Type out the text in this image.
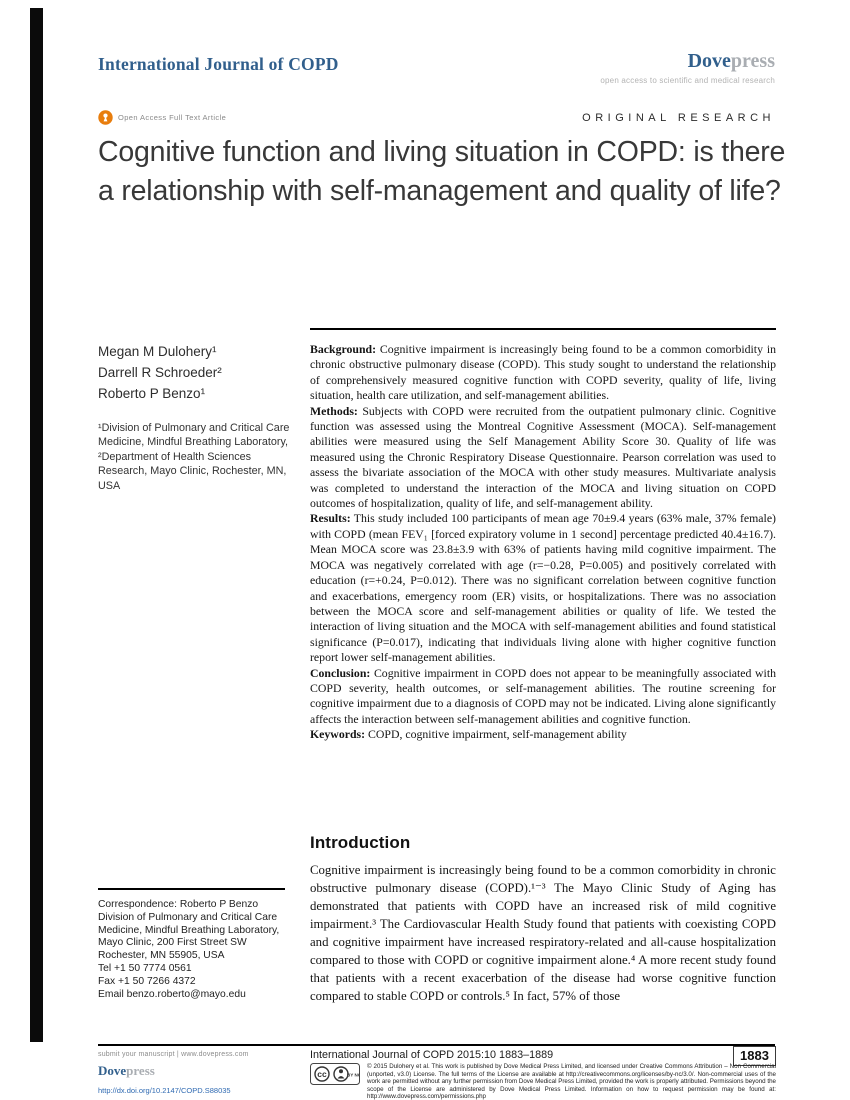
International Journal of COPD	Dovepress
open access to scientific and medical research
Open Access Full Text Article	ORIGINAL RESEARCH
Cognitive function and living situation in COPD: is there a relationship with self-management and quality of life?
Megan M Dulohery¹
Darrell R Schroeder²
Roberto P Benzo¹
¹Division of Pulmonary and Critical Care Medicine, Mindful Breathing Laboratory, ²Department of Health Sciences Research, Mayo Clinic, Rochester, MN, USA

Background: Cognitive impairment is increasingly being found to be a common comorbidity in chronic obstructive pulmonary disease (COPD). This study sought to understand the relationship of comprehensively measured cognitive function with COPD severity, quality of life, living situation, health care utilization, and self-management abilities.

Methods: Subjects with COPD were recruited from the outpatient pulmonary clinic. Cognitive function was assessed using the Montreal Cognitive Assessment (MOCA). Self-management abilities were measured using the Self Management Ability Score 30. Quality of life was measured using the Chronic Respiratory Disease Questionnaire. Pearson correlation was used to assess the bivariate association of the MOCA with other study measures. Multivariate analysis was completed to understand the interaction of the MOCA and living situation on COPD outcomes of hospitalization, quality of life, and self-management ability.

Results: This study included 100 participants of mean age 70±9.4 years (63% male, 37% female) with COPD (mean FEV₁ [forced expiratory volume in 1 second] percentage predicted 40.4±16.7). Mean MOCA score was 23.8±3.9 with 63% of patients having mild cognitive impairment. The MOCA was negatively correlated with age (r=−0.28, P=0.005) and positively correlated with education (r=+0.24, P=0.012). There was no significant correlation between cognitive function and exacerbations, emergency room (ER) visits, or hospitalizations. There was no association between the MOCA score and self-management abilities or quality of life. We tested the interaction of living situation and the MOCA with self-management abilities and found statistical significance (P=0.017), indicating that individuals living alone with higher cognitive function report lower self-management abilities.

Conclusion: Cognitive impairment in COPD does not appear to be meaningfully associated with COPD severity, health outcomes, or self-management abilities. The routine screening for cognitive impairment due to a diagnosis of COPD may not be indicated. Living alone significantly affects the interaction between self-management abilities and cognitive function.

Keywords: COPD, cognitive impairment, self-management ability

Introduction

Cognitive impairment is increasingly being found to be a common comorbidity in chronic obstructive pulmonary disease (COPD).¹⁻³ The Mayo Clinic Study of Aging has demonstrated that patients with COPD have an increased risk of mild cognitive impairment.³ The Cardiovascular Health Study found that patients with coexisting COPD and cognitive impairment have increased respiratory-related and all-cause hospitalization compared to those with COPD or cognitive impairment alone.⁴ A more recent study found that patients with a recent exacerbation of the disease had worse cognitive function compared to stable COPD or controls.⁵ In fact, 57% of those

Correspondence: Roberto P Benzo
Division of Pulmonary and Critical Care
Medicine, Mindful Breathing Laboratory,
Mayo Clinic, 200 First Street SW
Rochester, MN 55905, USA
Tel +1 50 7774 0561
Fax +1 50 7266 4372
Email benzo.roberto@mayo.edu
submit your manuscript | www.dovepress.com
Dovepress
http://dx.doi.org/10.2147/COPD.S88035
International Journal of COPD 2015:10 1883–1889	1883
cc	BY NC
© 2015 Dulohery et al. This work is published by Dove Medical Press Limited, and licensed under Creative Commons Attribution – Non Commercial (unported, v3.0) License. The full terms of the License are available at http://creativecommons.org/licenses/by-nc/3.0/. Non-commercial uses of the work are permitted without any further permission from Dove Medical Press Limited, provided the work is properly attributed. Permissions beyond the scope of the License are administered by Dove Medical Press Limited. Information on how to request permission may be found at: http://www.dovepress.com/permissions.php
